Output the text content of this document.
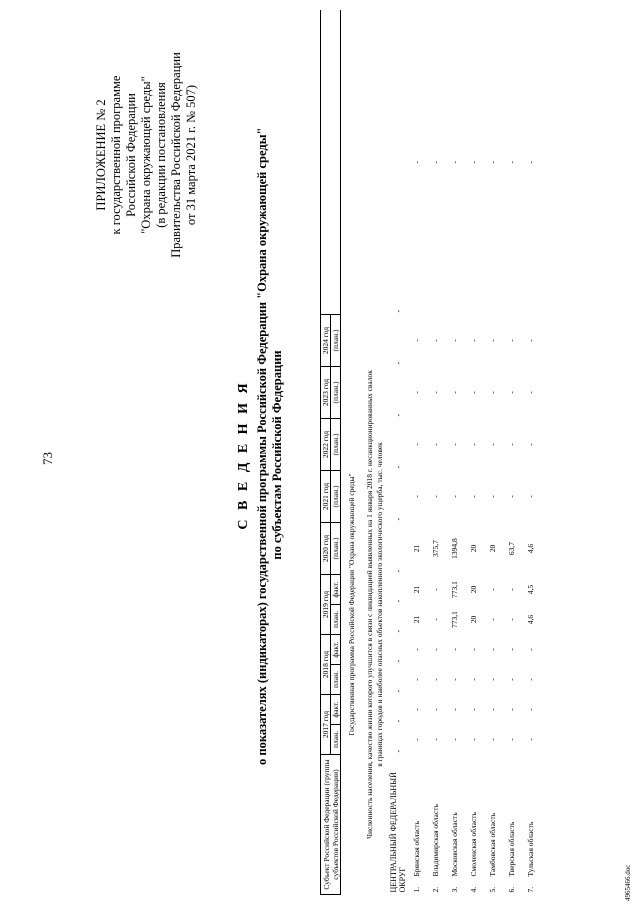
73
ПРИЛОЖЕНИЕ № 2 к государственной программе Российской Федерации "Охрана окружающей среды" (в редакции постановления Правительства Российской Федерации от 31 марта 2021 г. № 507)
С В Е Д Е Н И Я о показателях (индикаторах) государственной программы Российской Федерации "Охрана окружающей среды" по субъектам Российской Федерации
Субъект Российской Федерации (группы субъектов Российской Федерации)	2017 год		2018 год		2019 год		2020 год	2021 год	2022 год	2023 год	2024 год	
	план.	факт.	план.	факт.	план.	факт.	(план.)	(план.)	(план.)	(план.)	(план.)	
Государственная программа Российской Федерации "Охрана окружающей среды"												

Численность населения, качество жизни которого улучшится в связи с ликвидацией выявленных на 1 января 2018 г. несанкционированных свалок в границах городов и наиболее опасных объектов накопленного экологического ущерба, тыс. человек												

ЦЕНТРАЛЬНЫЙ ФЕДЕРАЛЬНЫЙ ОКРУГ	-	-	-	-	-	-	-	-	-	-	-	-
1.Брянская область	-	-	-	-	21	21	21	-	-	-	-	-
2.Владимирская область	-	-	-	-	-	-	375,7	-	-	-	-	-
3.Московская область	-	-	-	-	773,1	773,1	1394,8	-	-	-	-	-
4.Смоленская область	-	-	-	-	20	20	20	-	-	-	-	-
5.Тамбовская область	-	-	-	-	-	-	20	-	-	-	-	-
6.Тверская область	-	-	-	-	-	-	63,7	-	-	-	-	-
7.Тульская область	-	-	-	-	4,6	4,5	4,6	-	-	-	-	-
4965466.doc
